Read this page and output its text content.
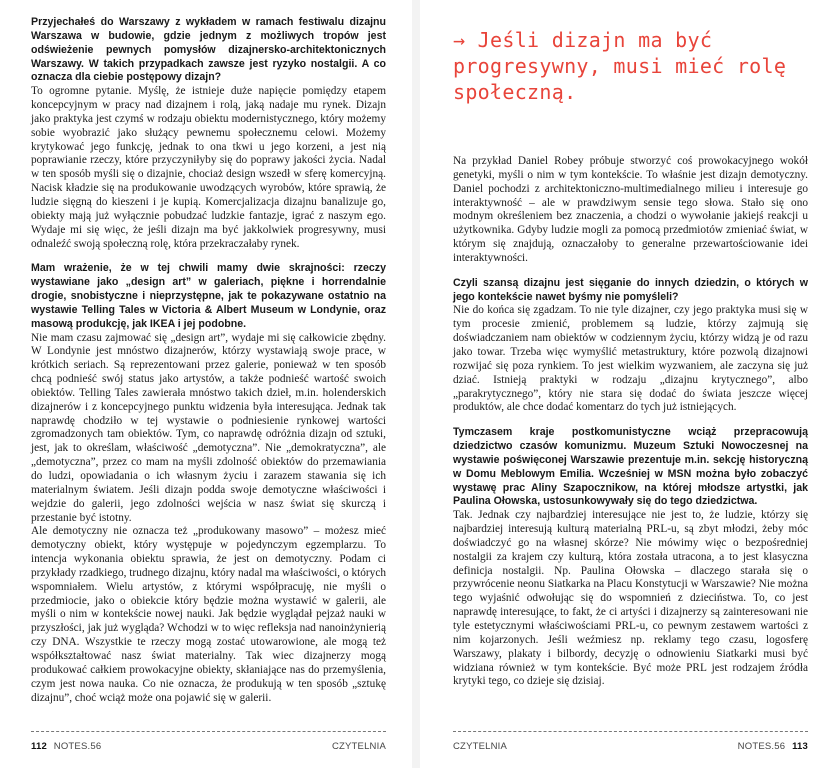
Przyjechałeś do Warszawy z wykładem w ramach festiwalu dizajnu Warszawa w budowie, gdzie jednym z możliwych tropów jest odświeżenie pewnych pomysłów dizajnersko-architektonicznych Warszawy. W takich przypadkach zawsze jest ryzyko nostalgii. A co oznacza dla ciebie postępowy dizajn?

To ogromne pytanie. Myślę, że istnieje duże napięcie pomiędzy etapem koncepcyjnym w pracy nad dizajnem i rolą, jaką nadaje mu rynek. Dizajn jako praktyka jest czymś w rodzaju obiektu modernistycznego, który możemy sobie wyobrazić jako służący pewnemu społecznemu celowi. Możemy krytykować jego funkcję, jednak to ona tkwi u jego korzeni, a jest nią poprawianie rzeczy, które przyczyniłyby się do poprawy jakości życia. Nadal w ten sposób myśli się o dizajnie, chociaż design wszedł w sferę komercyjną. Nacisk kładzie się na produkowanie uwodzących wyrobów, które sprawią, że ludzie sięgną do kieszeni i je kupią. Komercjalizacja dizajnu banalizuje go, obiekty mają już wyłącznie pobudzać ludzkie fantazje, igrać z naszym ego. Wydaje mi się więc, że jeśli dizajn ma być jakkolwiek progresywny, musi odnaleźć swoją społeczną rolę, która przekraczałaby rynek.

Mam wrażenie, że w tej chwili mamy dwie skrajności: rzeczy wystawiane jako „design art” w galeriach, piękne i horrendalnie drogie, snobistyczne i nieprzystępne, jak te pokazywane ostatnio na wystawie Telling Tales w Victoria & Albert Museum w Londynie, oraz masową produkcję, jak IKEA i jej podobne.

Nie mam czasu zajmować się „design art”, wydaje mi się całkowicie zbędny. W Londynie jest mnóstwo dizajnerów, którzy wystawiają swoje prace, w krótkich seriach. Są reprezentowani przez galerie, ponieważ w ten sposób chcą podnieść swój status jako artystów, a także podnieść wartość swoich obiektów. Telling Tales zawierała mnóstwo takich dzieł, m.in. holenderskich dizajnerów i z koncepcyjnego punktu widzenia była interesująca. Jednak tak naprawdę chodziło w tej wystawie o podniesienie rynkowej wartości zgromadzonych tam obiektów. Tym, co naprawdę odróżnia dizajn od sztuki, jest, jak to określam, właściwość „demotyczna”. Nie „demokratyczna”, ale „demotyczna”, przez co mam na myśli zdolność obiektów do przemawiania do ludzi, opowiadania o ich własnym życiu i zarazem stawania się ich materialnym światem. Jeśli dizajn podda swoje demotyczne właściwości i wejdzie do galerii, jego zdolności wejścia w nasz świat się skurczą i przestanie być istotny.

Ale demotyczny nie oznacza też „produkowany masowo” – możesz mieć demotyczny obiekt, który występuje w pojedynczym egzemplarzu. To intencja wykonania obiektu sprawia, że jest on demotyczny. Podam ci przykłady rzadkiego, trudnego dizajnu, który nadal ma właściwości, o których wspomniałem. Wielu artystów, z którymi współpracuję, nie myśli o przedmiocie, jako o obiekcie który będzie można wystawić w galerii, ale myśli o nim w kontekście nowej nauki. Jak będzie wyglądał pejzaż nauki w przyszłości, jak już wygląda? Wchodzi w to więc refleksja nad nanoinżynierią czy DNA. Wszystkie te rzeczy mogą zostać utowarowione, ale mogą też współkształtować nasz świat materialny. Tak wiec dizajnerzy mogą produkować całkiem prowokacyjne obiekty, skłaniające nas do przemyślenia, czym jest nowa nauka. Co nie oznacza, że produkują w ten sposób „sztukę dizajnu”, choć wciąż może ona pojawić się w galerii.

112 NOTES.56	CZYTELNIA
→ Jeśli dizajn ma być progresywny, musi mieć rolę społeczną.

Na przykład Daniel Robey próbuje stworzyć coś prowokacyjnego wokół genetyki, myśli o nim w tym kontekście. To właśnie jest dizajn demotyczny. Daniel pochodzi z architektoniczno-multimedialnego milieu i interesuje go interaktywność – ale w prawdziwym sensie tego słowa. Stało się ono modnym określeniem bez znaczenia, a chodzi o wywołanie jakiejś reakcji u użytkownika. Gdyby ludzie mogli za pomocą przedmiotów zmieniać świat, w którym się znajdują, oznaczałoby to generalne przewartościowanie idei interaktywności.

Czyli szansą dizajnu jest sięganie do innych dziedzin, o których w jego kontekście nawet byśmy nie pomyśleli?

Nie do końca się zgadzam. To nie tyle dizajner, czy jego praktyka musi się w tym procesie zmienić, problemem są ludzie, którzy zajmują się doświadczaniem nam obiektów w codziennym życiu, którzy widzą je od razu jako towar. Trzeba więc wymyślić metastruktury, które pozwolą dizajnowi rozwijać się poza rynkiem. To jest wielkim wyzwaniem, ale zaczyna się już dziać. Istnieją praktyki w rodzaju „dizajnu krytycznego”, albo „parakrytycznego”, który nie stara się dodać do świata jeszcze więcej produktów, ale chce dodać komentarz do tych już istniejących.

Tymczasem kraje postkomunistyczne wciąż przepracowują dziedzictwo czasów komunizmu. Muzeum Sztuki Nowoczesnej na wystawie poświęconej Warszawie prezentuje m.in. sekcję historyczną w Domu Meblowym Emilia. Wcześniej w MSN można było zobaczyć wystawę prac Aliny Szapocznikow, na której młodsze artystki, jak Paulina Ołowska, ustosunkowywały się do tego dziedzictwa.

Tak. Jednak czy najbardziej interesujące nie jest to, że ludzie, którzy się najbardziej interesują kulturą materialną PRL-u, są zbyt młodzi, żeby móc doświadczyć go na własnej skórze? Nie mówimy więc o bezpośredniej nostalgii za krajem czy kulturą, która została utracona, a to jest klasyczna definicja nostalgii. Np. Paulina Ołowska – dlaczego starała się o przywrócenie neonu Siatkarka na Placu Konstytucji w Warszawie? Nie można tego wyjaśnić odwołując się do wspomnień z dzieciństwa. To, co jest naprawdę interesujące, to fakt, że ci artyści i dizajnerzy są zainteresowani nie tyle estetycznymi właściwościami PRL-u, co pewnym zestawem wartości z nim kojarzonych. Jeśli weźmiesz np. reklamy tego czasu, logosferę Warszawy, plakaty i bilbordy, decyzję o odnowieniu Siatkarki musi być widziana również w tym kontekście. Być może PRL jest rodzajem źródła krytyki tego, co dzieje się dzisiaj.

CZYTELNIA	NOTES.56 113
